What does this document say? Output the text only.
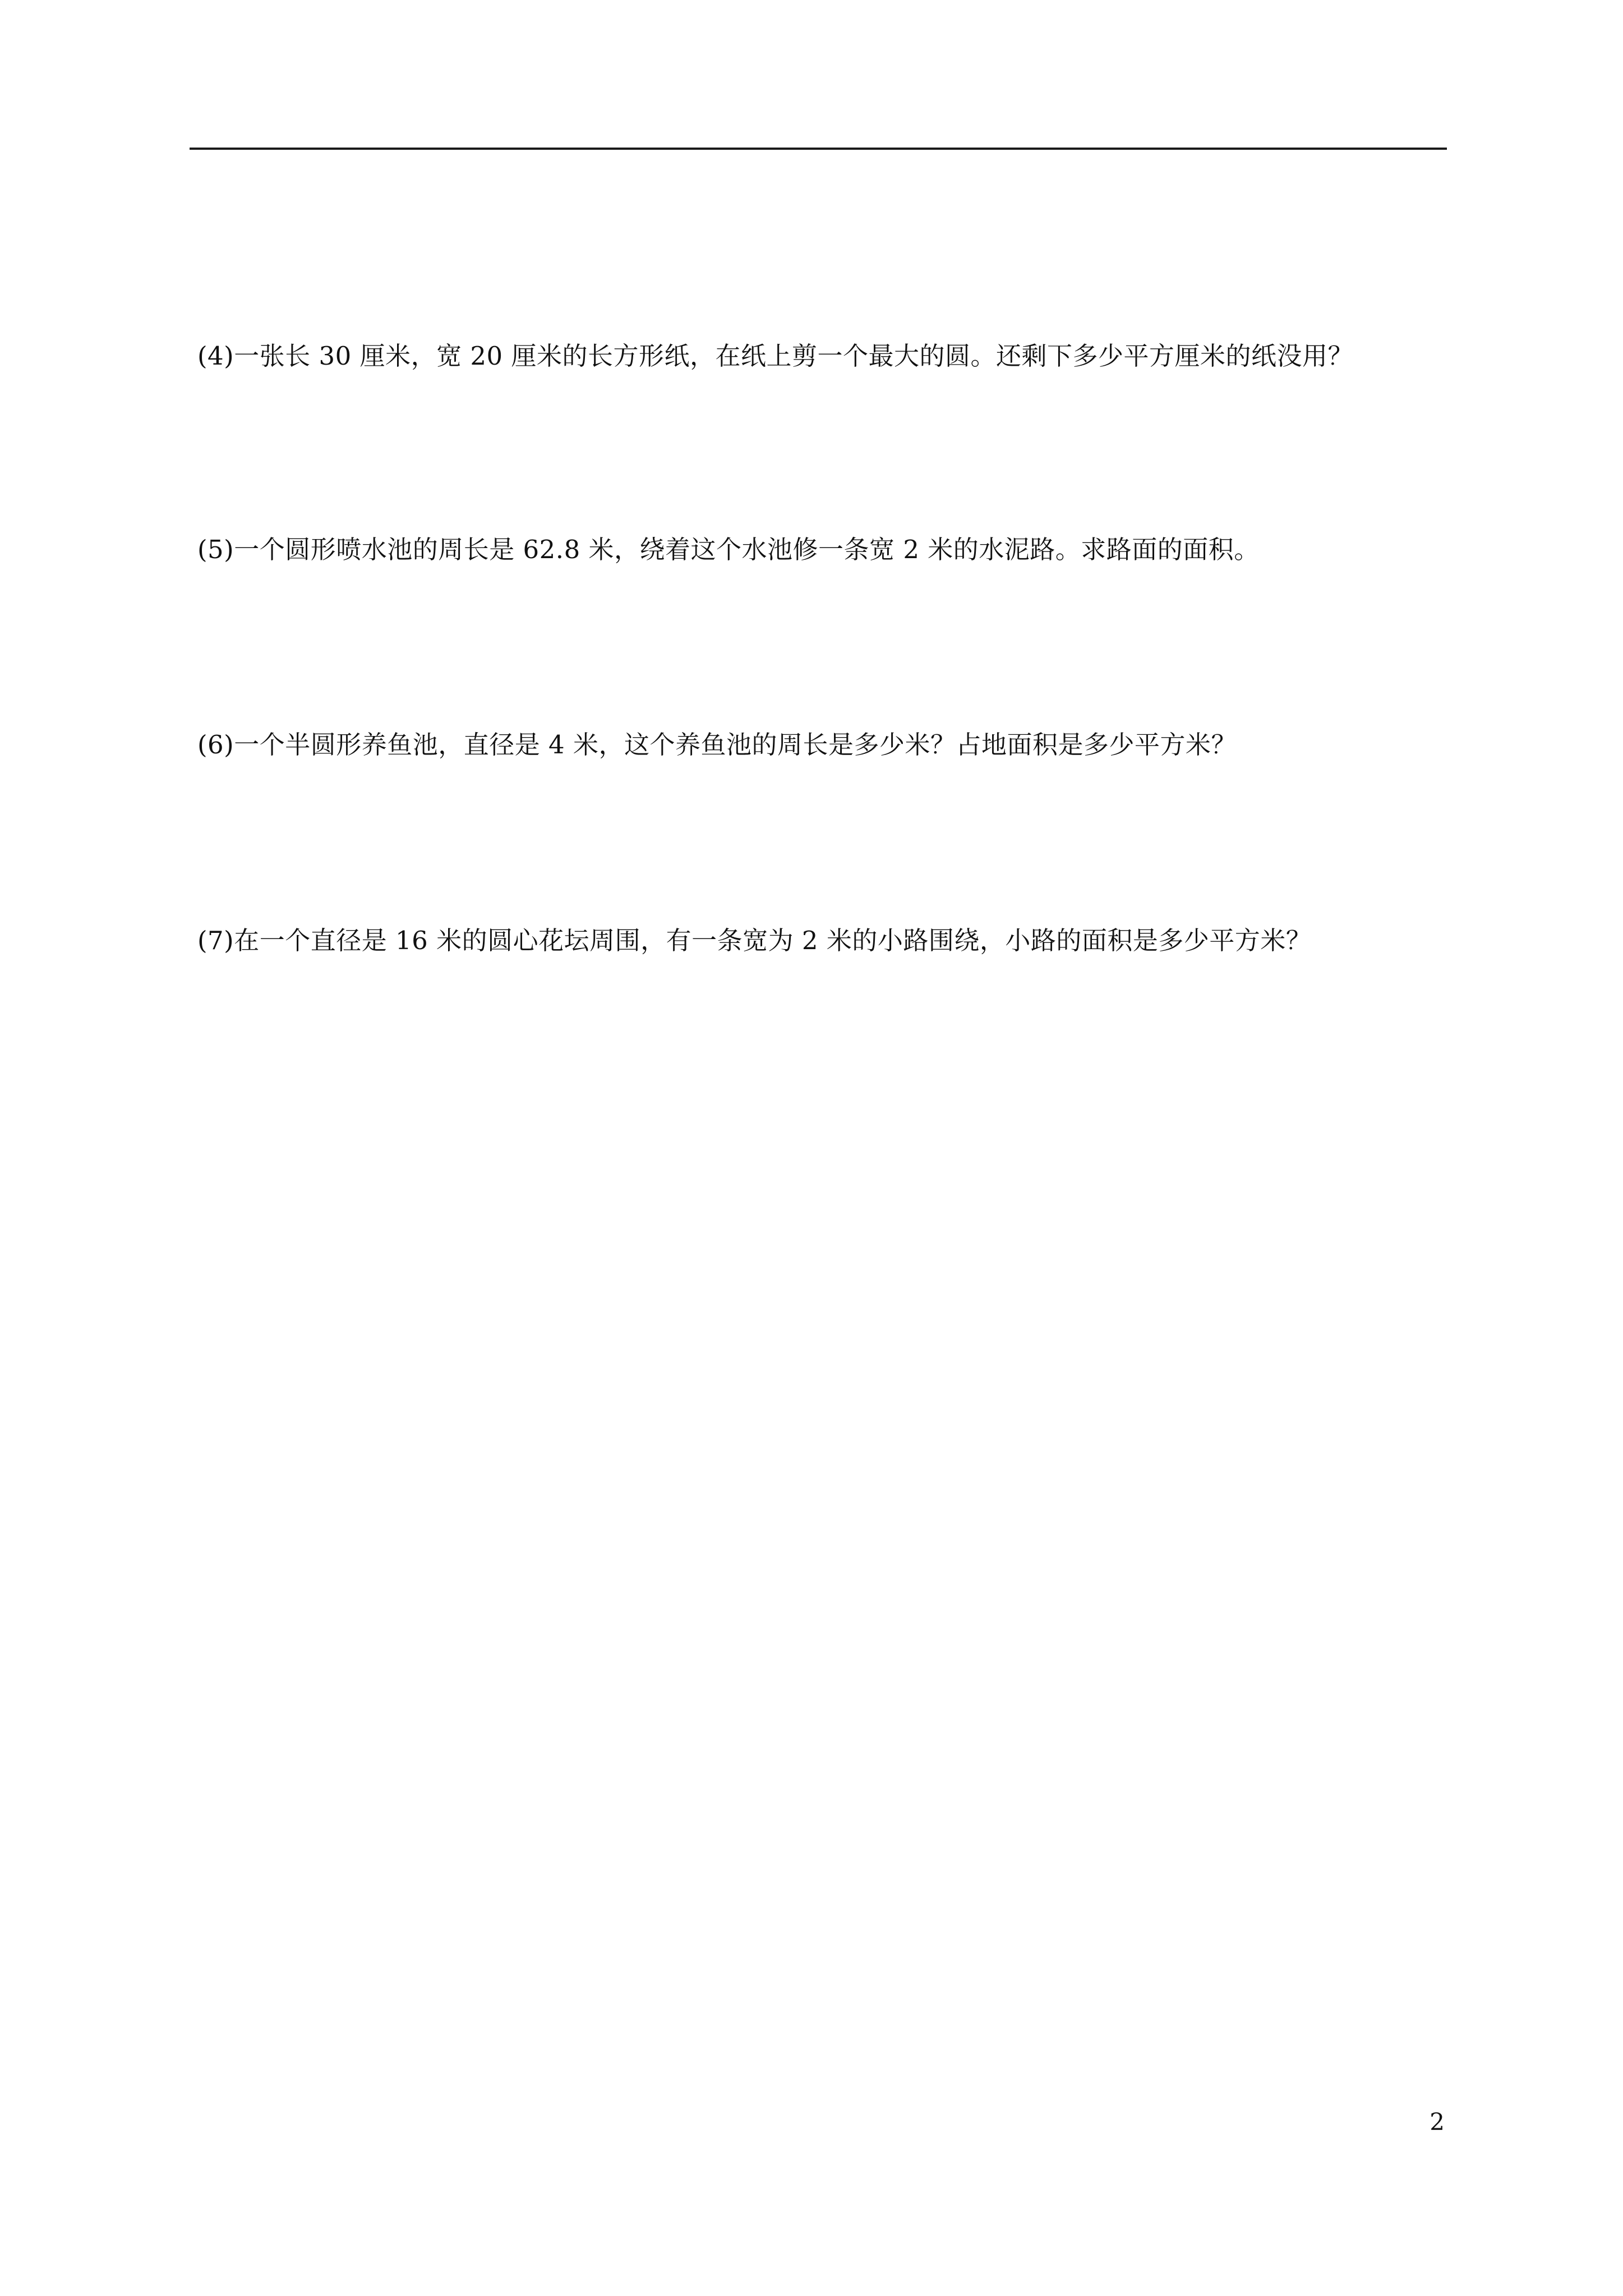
(4)一张长 30 厘米，宽 20 厘米的长方形纸，在纸上剪一个最大的圆。还剩下多少平方厘米的纸没用？
(5)一个圆形喷水池的周长是 62.8 米，绕着这个水池修一条宽 2 米的水泥路。求路面的面积。
(6)一个半圆形养鱼池，直径是 4 米，这个养鱼池的周长是多少米？占地面积是多少平方米？
(7)在一个直径是 16 米的圆心花坛周围，有一条宽为 2 米的小路围绕，小路的面积是多少平方米？
2
